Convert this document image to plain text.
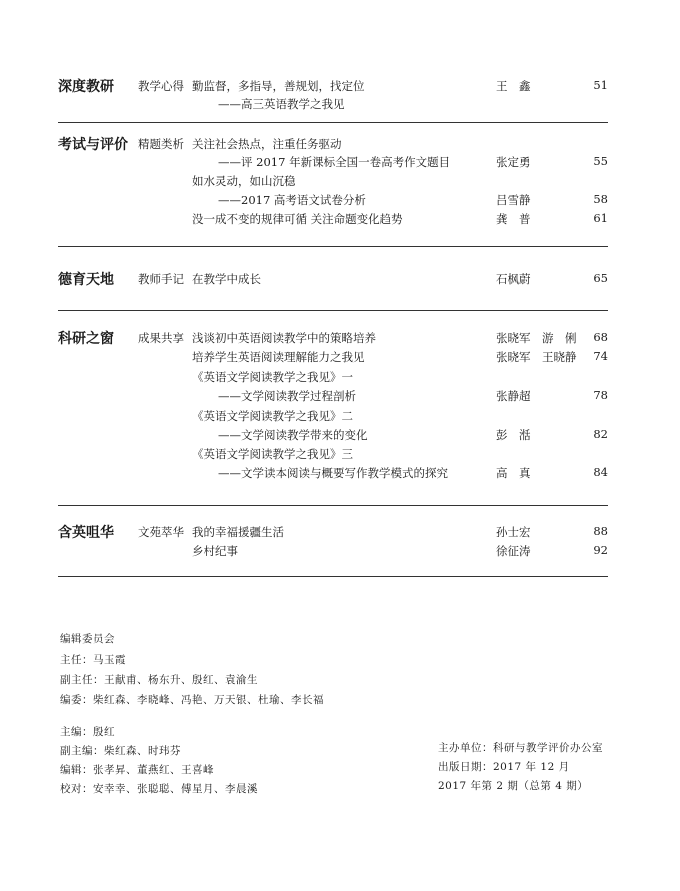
深度教研 教学心得 勤监督，多指导，善规划，找定位
——高三英语教学之我见
王　鑫	51
考试与评价 精题类析 关注社会热点，注重任务驱动
——评 2017 年新课标全国一卷高考作文题目	张定勇	55
如水灵动，如山沉稳
——2017 高考语文试卷分析	吕雪静	58
没一成不变的规律可循 关注命题变化趋势	龚　普	61
德育天地 教师手记 在教学中成长	石枫蔚	65
科研之窗 成果共享 浅谈初中英语阅读教学中的策略培养	张晓军　游　俐 68
培养学生英语阅读理解能力之我见	张晓军　王晓静 74
《英语文学阅读教学之我见》一
——文学阅读教学过程剖析	张静超	78
《英语文学阅读教学之我见》二
——文学阅读教学带来的变化	彭　湉	82
《英语文学阅读教学之我见》三
——文学读本阅读与概要写作教学模式的探究	高　真	84
含英咀华 文苑萃华 我的幸福援疆生活	孙士宏	88
乡村纪事	徐征涛	92
编辑委员会
主任：马玉霞
副主任：王献甫、杨东升、殷红、袁渝生
编委：柴红森、李晓峰、冯艳、万天银、杜瑜、李长福
主编：殷红
副主编：柴红森、时玮芬
编辑：张孝昇、董燕红、王喜峰
校对：安幸幸、张聪聪、傅星月、李晨溪
主办单位：科研与教学评价办公室
出版日期：2017 年 12 月
2017 年第 2 期（总第 4 期）
